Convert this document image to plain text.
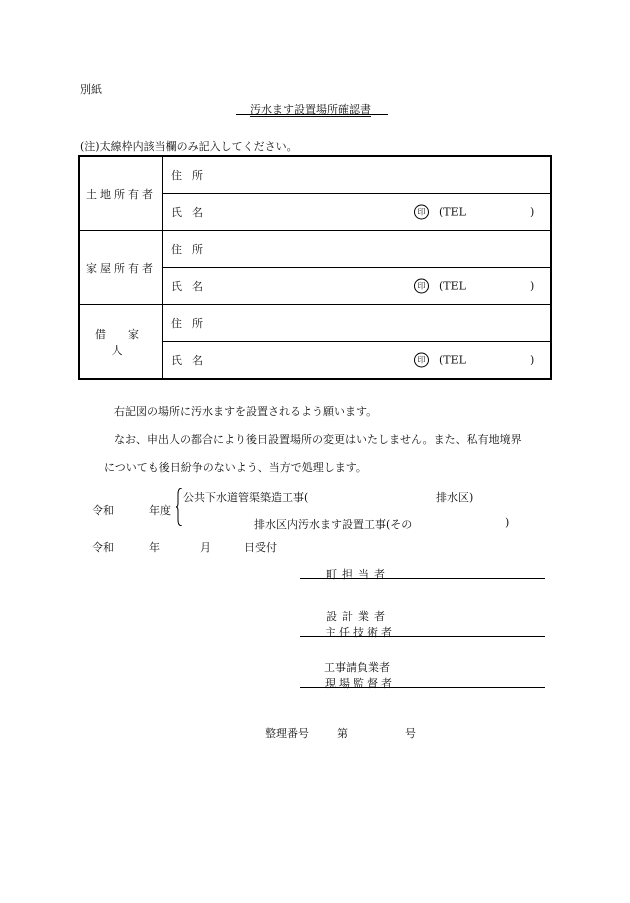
別紙
汚水ます設置場所確認書
(注)太線枠内該当欄のみ記入してください。
土地所有者	住所

	氏名 印 (TEL )

家屋所有者	住所

	氏名 印 (TEL )

借家人	住所

	氏名 印 (TEL )
右記図の場所に汚水ますを設置されるよう願います。
なお、申出人の都合により後日設置場所の変更はいたしません。また、私有地境界
についても後日紛争のないよう、当方で処理します。
令和	年度
公共下水道管渠築造工事(	排水区)
排水区内汚水ます設置工事(その	)
令和	年	月	日受付
町担当者
設計業者
主任技術者
工事請負業者
現場監督者
整理番号	第	号
